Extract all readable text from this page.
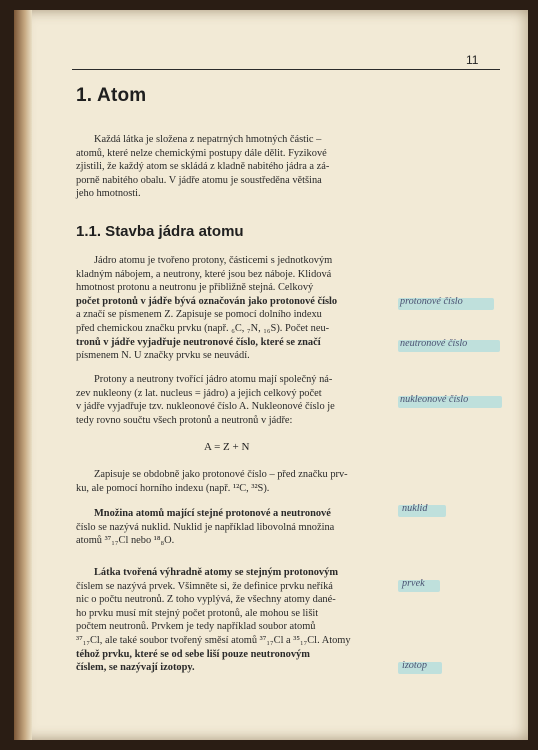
11
1. Atom
Každá látka je složena z nepatrných hmotných částic –
atomů, které nelze chemickými postupy dále dělit. Fyzikové
zjistili, že každý atom se skládá z kladně nabitého jádra a zá-
porně nabitého obalu. V jádře atomu je soustředěna většina
jeho hmotnosti.
1.1. Stavba jádra atomu
Jádro atomu je tvořeno protony, částicemi s jednotkovým
kladným nábojem, a neutrony, které jsou bez náboje. Klidová
hmotnost protonu a neutronu je přibližně stejná. Celkový
počet protonů v jádře bývá označován jako protonové číslo
a značí se písmenem Z. Zapisuje se pomocí dolního indexu
před chemickou značku prvku (např. ₆C, ₇N, ₁₆S). Počet neu-
tronů v jádře vyjadřuje neutronové číslo, které se značí
písmenem N. U značky prvku se neuvádí.
Protony a neutrony tvořící jádro atomu mají společný ná-
zev nukleony (z lat. nucleus = jádro) a jejich celkový počet
v jádře vyjadřuje tzv. nukleonové číslo A. Nukleonové číslo je
tedy rovno součtu všech protonů a neutronů v jádře:
A = Z + N
Zapisuje se obdobně jako protonové číslo – před značku prv-
ku, ale pomocí horního indexu (např. ¹²C, ³²S).
Množina atomů mající stejné protonové a neutronové
číslo se nazývá nuklid. Nuklid je například libovolná množina
atomů ³⁷₁₇Cl nebo ¹⁸₈O.
Látka tvořená výhradně atomy se stejným protonovým
číslem se nazývá prvek. Všimněte si, že definice prvku neříká
nic o počtu neutronů. Z toho vyplývá, že všechny atomy dané-
ho prvku musí mít stejný počet protonů, ale mohou se lišit
počtem neutronů. Prvkem je tedy například soubor atomů
³⁷₁₇Cl, ale také soubor tvořený směsí atomů ³⁷₁₇Cl a ³⁵₁₇Cl. Atomy
téhož prvku, které se od sebe liší pouze neutronovým
číslem, se nazývají izotopy.
protonové číslo
neutronové číslo
nukleonové číslo
nuklid
prvek
izotop
